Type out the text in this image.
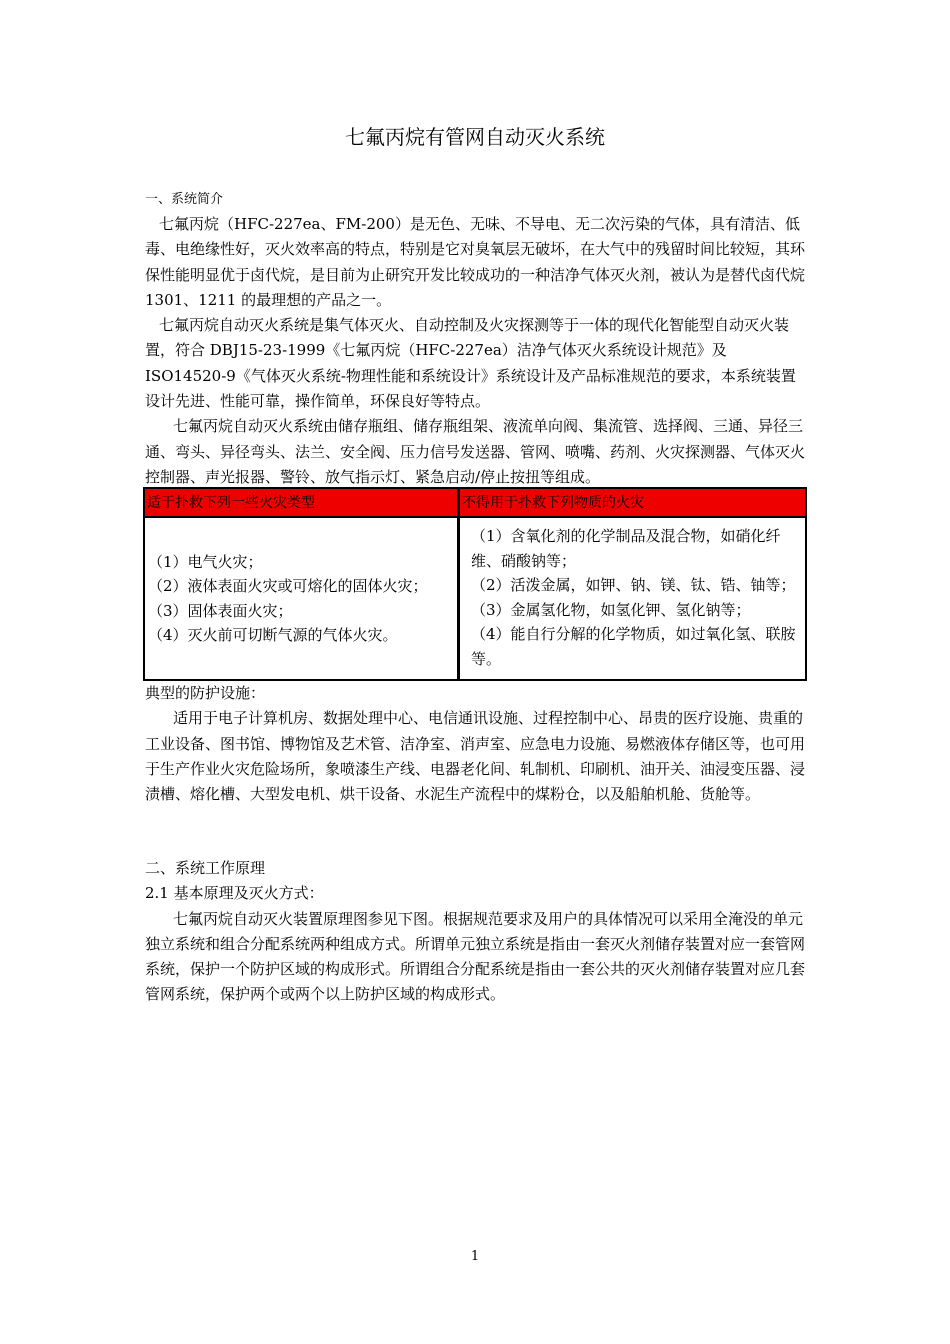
七氟丙烷有管网自动灭火系统

一、系统简介

七氟丙烷（HFC-227ea、FM-200）是无色、无味、不导电、无二次污染的气体，具有清洁、低毒、电绝缘性好，灭火效率高的特点，特别是它对臭氧层无破坏，在大气中的残留时间比较短，其环保性能明显优于卤代烷，是目前为止研究开发比较成功的一种洁净气体灭火剂，被认为是替代卤代烷 1301、1211 的最理想的产品之一。

七氟丙烷自动灭火系统是集气体灭火、自动控制及火灾探测等于一体的现代化智能型自动灭火装置，符合 DBJ15-23-1999《七氟丙烷（HFC-227ea）洁净气体灭火系统设计规范》及ISO14520-9《气体灭火系统-物理性能和系统设计》系统设计及产品标准规范的要求，本系统装置设计先进、性能可靠，操作简单，环保良好等特点。

七氟丙烷自动灭火系统由储存瓶组、储存瓶组架、液流单向阀、集流管、选择阀、三通、异径三通、弯头、异径弯头、法兰、安全阀、压力信号发送器、管网、喷嘴、药剂、火灾探测器、气体灭火控制器、声光报器、警铃、放气指示灯、紧急启动/停止按扭等组成。

适于扑救下列一些火灾类型	不得用于扑救下列物质的火灾
（1）电气火灾；
（2）液体表面火灾或可熔化的固体火灾；
（3）固体表面火灾；
（4）灭火前可切断气源的气体火灾。
（1）含氧化剂的化学制品及混合物，如硝化纤维、硝酸钠等；
（2）活泼金属，如钾、钠、镁、钛、锆、铀等；
（3）金属氢化物，如氢化钾、氢化钠等；
（4）能自行分解的化学物质，如过氧化氢、联胺等。

典型的防护设施：

适用于电子计算机房、数据处理中心、电信通讯设施、过程控制中心、昂贵的医疗设施、贵重的工业设备、图书馆、博物馆及艺术管、洁净室、消声室、应急电力设施、易燃液体存储区等，也可用于生产作业火灾危险场所，象喷漆生产线、电器老化间、轧制机、印刷机、油开关、油浸变压器、浸渍槽、熔化槽、大型发电机、烘干设备、水泥生产流程中的煤粉仓，以及船舶机舱、货舱等。

二、系统工作原理

2.1 基本原理及灭火方式：

七氟丙烷自动灭火装置原理图参见下图。根据规范要求及用户的具体情况可以采用全淹没的单元独立系统和组合分配系统两种组成方式。所谓单元独立系统是指由一套灭火剂储存装置对应一套管网系统，保护一个防护区域的构成形式。所谓组合分配系统是指由一套公共的灭火剂储存装置对应几套管网系统，保护两个或两个以上防护区域的构成形式。

1
